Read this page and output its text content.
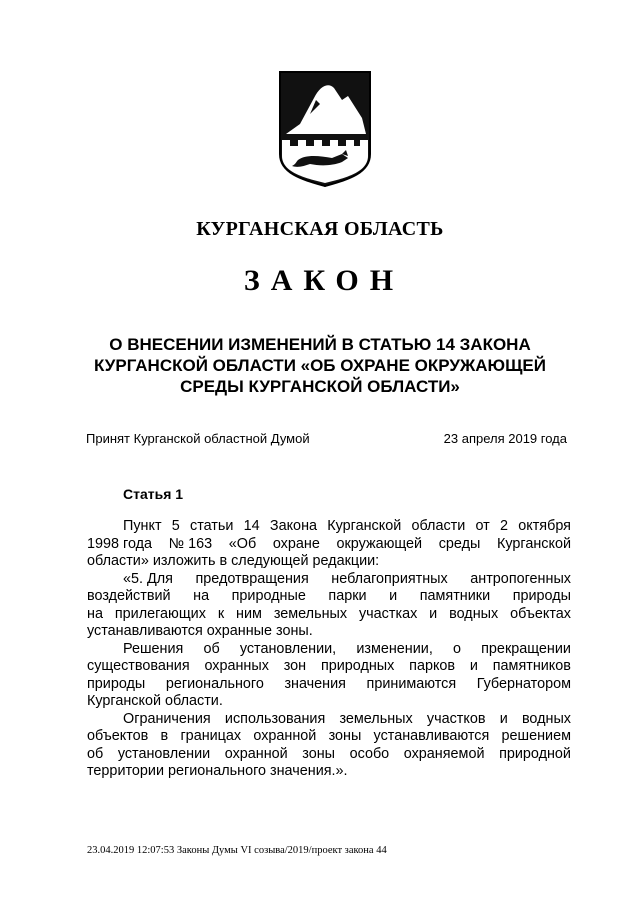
КУРГАНСКАЯ ОБЛАСТЬ
ЗАКОН
О ВНЕСЕНИИ ИЗМЕНЕНИЙ В СТАТЬЮ 14 ЗАКОНА
КУРГАНСКОЙ ОБЛАСТИ «ОБ ОХРАНЕ ОКРУЖАЮЩЕЙ
СРЕДЫ КУРГАНСКОЙ ОБЛАСТИ»
Принят Курганской областной Думой	23 апреля 2019 года
Статья 1
Пункт 5 статьи 14 Закона Курганской области от 2 октября
1998 года № 163 «Об охране окружающей среды Курганской
области» изложить в следующей редакции:
«5. Для предотвращения неблагоприятных антропогенных
воздействий на природные парки и памятники природы
на прилегающих к ним земельных участках и водных объектах
устанавливаются охранные зоны.
Решения об установлении, изменении, о прекращении
существования охранных зон природных парков и памятников
природы регионального значения принимаются Губернатором
Курганской области.
Ограничения использования земельных участков и водных
объектов в границах охранной зоны устанавливаются решением
об установлении охранной зоны особо охраняемой природной
территории регионального значения.».
23.04.2019 12:07:53 Законы Думы VI созыва/2019/проект закона 44
